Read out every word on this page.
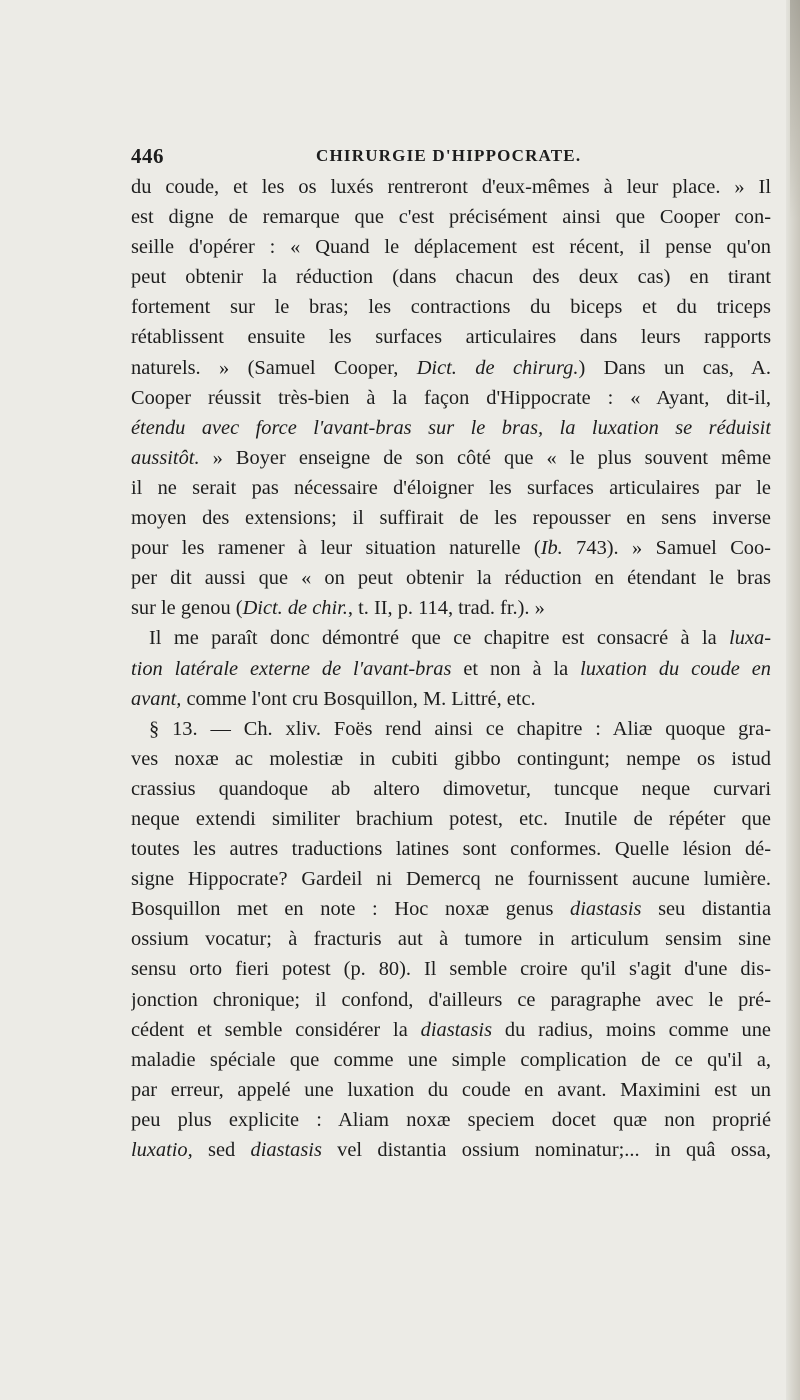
446	CHIRURGIE D'HIPPOCRATE.
du coude, et les os luxés rentreront d'eux-mêmes à leur place. » Il
est digne de remarque que c'est précisément ainsi que Cooper con-
seille d'opérer : « Quand le déplacement est récent, il pense qu'on
peut obtenir la réduction (dans chacun des deux cas) en tirant
fortement sur le bras; les contractions du biceps et du triceps
rétablissent ensuite les surfaces articulaires dans leurs rapports
naturels. » (Samuel Cooper, Dict. de chirurg.) Dans un cas, A.
Cooper réussit très-bien à la façon d'Hippocrate : « Ayant, dit-il,
étendu avec force l'avant-bras sur le bras, la luxation se réduisit
aussitôt. » Boyer enseigne de son côté que « le plus souvent même
il ne serait pas nécessaire d'éloigner les surfaces articulaires par le
moyen des extensions; il suffirait de les repousser en sens inverse
pour les ramener à leur situation naturelle (Ib. 743). » Samuel Coo-
per dit aussi que « on peut obtenir la réduction en étendant le bras
sur le genou (Dict. de chir., t. II, p. 114, trad. fr.). »
Il me paraît donc démontré que ce chapitre est consacré à la luxa-
tion latérale externe de l'avant-bras et non à la luxation du coude en
avant, comme l'ont cru Bosquillon, M. Littré, etc.
§ 13. — Ch. xliv. Foës rend ainsi ce chapitre : Aliæ quoque gra-
ves noxæ ac molestiæ in cubiti gibbo contingunt; nempe os istud
crassius quandoque ab altero dimovetur, tuncque neque curvari
neque extendi similiter brachium potest, etc. Inutile de répéter que
toutes les autres traductions latines sont conformes. Quelle lésion dé-
signe Hippocrate? Gardeil ni Demercq ne fournissent aucune lumière.
Bosquillon met en note : Hoc noxæ genus diastasis seu distantia
ossium vocatur; à fracturis aut à tumore in articulum sensim sine
sensu orto fieri potest (p. 80). Il semble croire qu'il s'agit d'une dis-
jonction chronique; il confond, d'ailleurs ce paragraphe avec le pré-
cédent et semble considérer la diastasis du radius, moins comme une
maladie spéciale que comme une simple complication de ce qu'il a,
par erreur, appelé une luxation du coude en avant. Maximini est un
peu plus explicite : Aliam noxæ speciem docet quæ non proprié
luxatio, sed diastasis vel distantia ossium nominatur;... in quâ ossa,
